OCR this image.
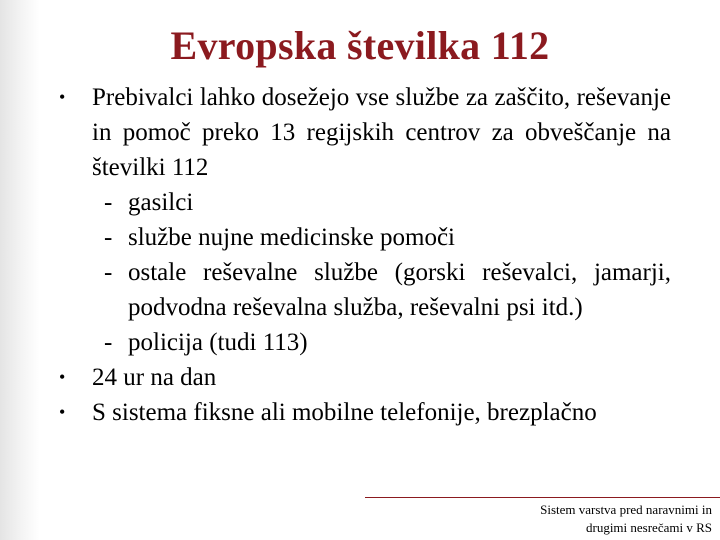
Evropska številka 112
• Prebivalci lahko dosežejo vse službe za zaščito, reševanje in pomoč preko 13 regijskih centrov za obveščanje na številki 112
- gasilci
- službe nujne medicinske pomoči
- ostale reševalne službe (gorski reševalci, jamarji, podvodna reševalna služba, reševalni psi itd.)
- policija (tudi 113)
• 24 ur na dan
• S sistema fiksne ali mobilne telefonije, brezplačno
Sistem varstva pred naravnimi in
drugimi nesrečami v RS
